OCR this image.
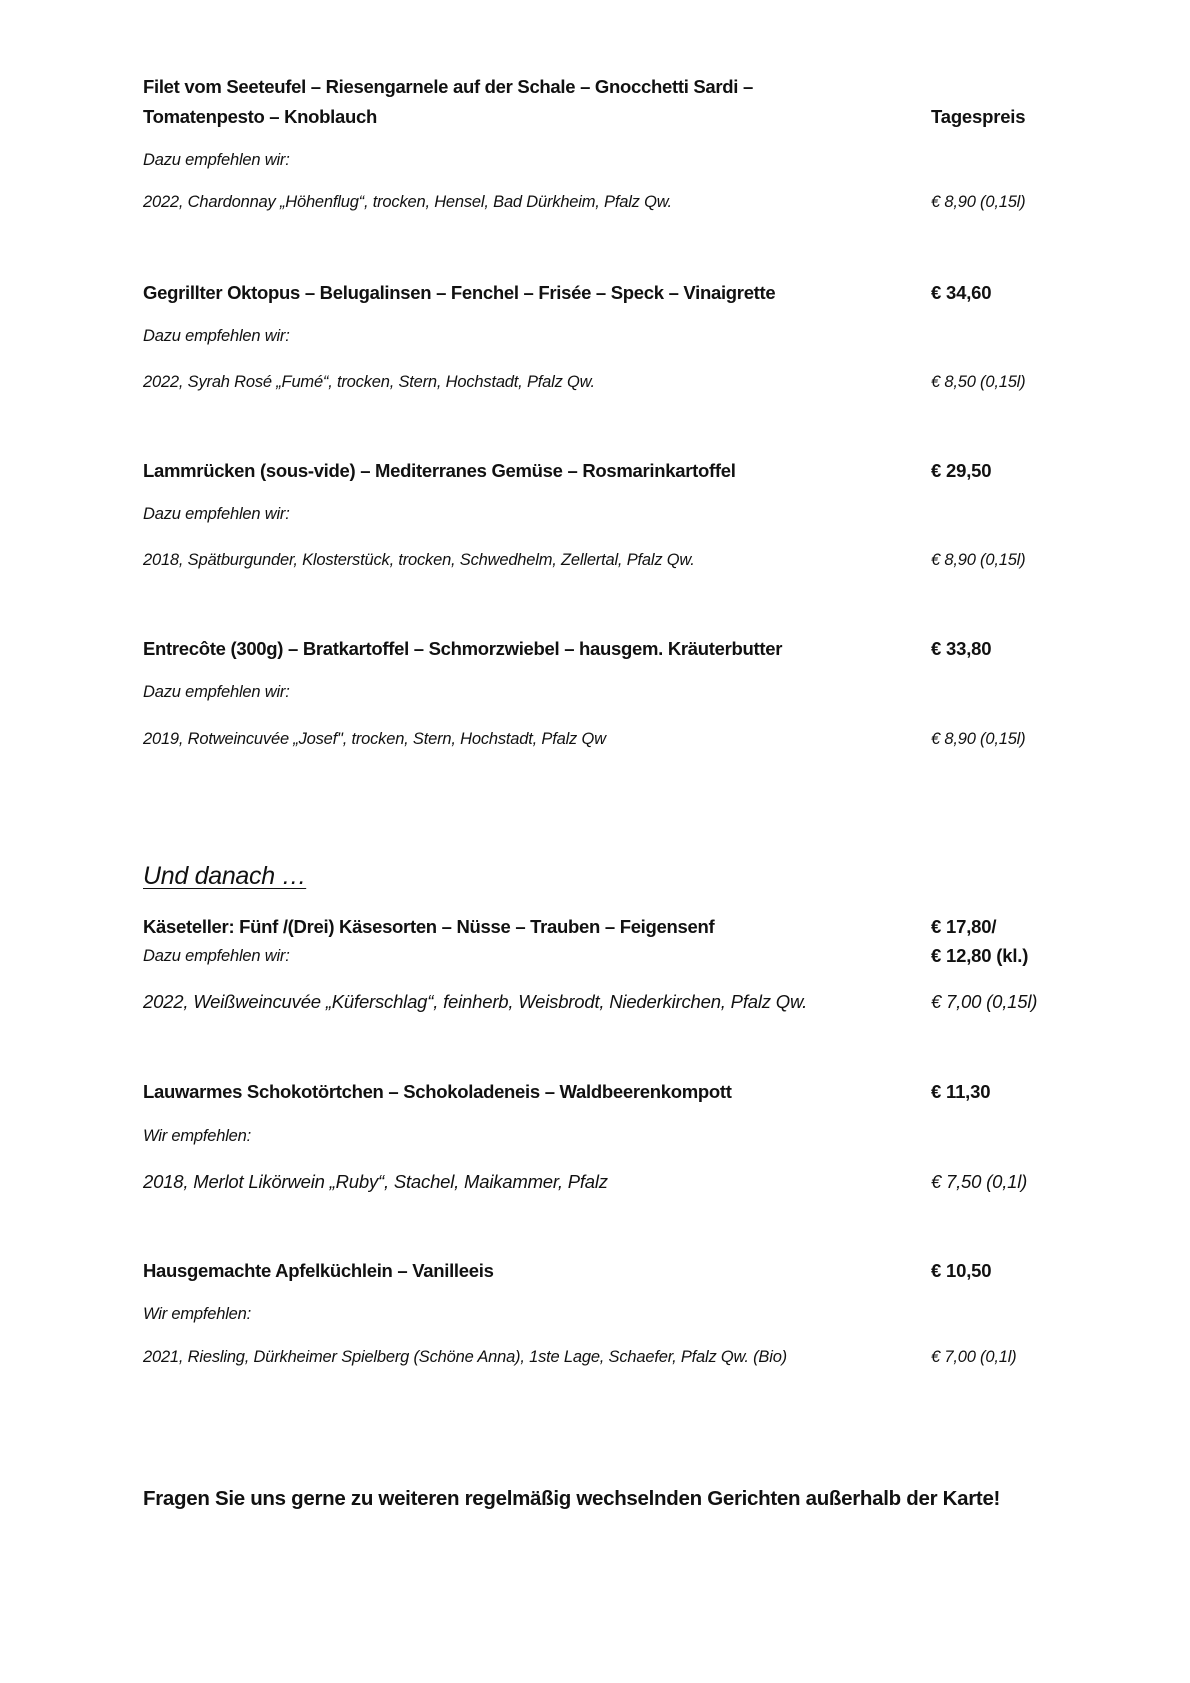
Filet vom Seeteufel – Riesengarnele auf der Schale – Gnocchetti Sardi –
Tomatenpesto – Knoblauch	Tagespreis
Dazu empfehlen wir:
2022, Chardonnay „Höhenflug“, trocken, Hensel, Bad Dürkheim, Pfalz Qw.	€ 8,90 (0,15l)
Gegrillter Oktopus – Belugalinsen – Fenchel – Frisée – Speck – Vinaigrette	€ 34,60
Dazu empfehlen wir:
2022, Syrah Rosé „Fumé“, trocken, Stern, Hochstadt, Pfalz Qw.	€ 8,50 (0,15l)
Lammrücken (sous-vide) – Mediterranes Gemüse – Rosmarinkartoffel	€ 29,50
Dazu empfehlen wir:
2018, Spätburgunder, Klosterstück, trocken, Schwedhelm, Zellertal, Pfalz Qw.	€ 8,90 (0,15l)
Entrecôte (300g) – Bratkartoffel – Schmorzwiebel – hausgem. Kräuterbutter	€ 33,80
Dazu empfehlen wir:
2019, Rotweincuvée „Josef", trocken, Stern, Hochstadt, Pfalz Qw	€ 8,90 (0,15l)
Und danach …
Käseteller: Fünf /(Drei) Käsesorten – Nüsse – Trauben – Feigensenf	€ 17,80/
Dazu empfehlen wir:	€ 12,80 (kl.)
2022, Weißweincuvée „Küferschlag“, feinherb, Weisbrodt, Niederkirchen, Pfalz Qw.	€ 7,00 (0,15l)
Lauwarmes Schokotörtchen – Schokoladeneis – Waldbeerenkompott	€ 11,30
Wir empfehlen:
2018, Merlot Likörwein „Ruby“, Stachel, Maikammer, Pfalz	€ 7,50 (0,1l)
Hausgemachte Apfelküchlein – Vanilleeis	€ 10,50
Wir empfehlen:
2021, Riesling, Dürkheimer Spielberg (Schöne Anna), 1ste Lage, Schaefer, Pfalz Qw. (Bio)	€ 7,00 (0,1l)
Fragen Sie uns gerne zu weiteren regelmäßig wechselnden Gerichten außerhalb der Karte!
